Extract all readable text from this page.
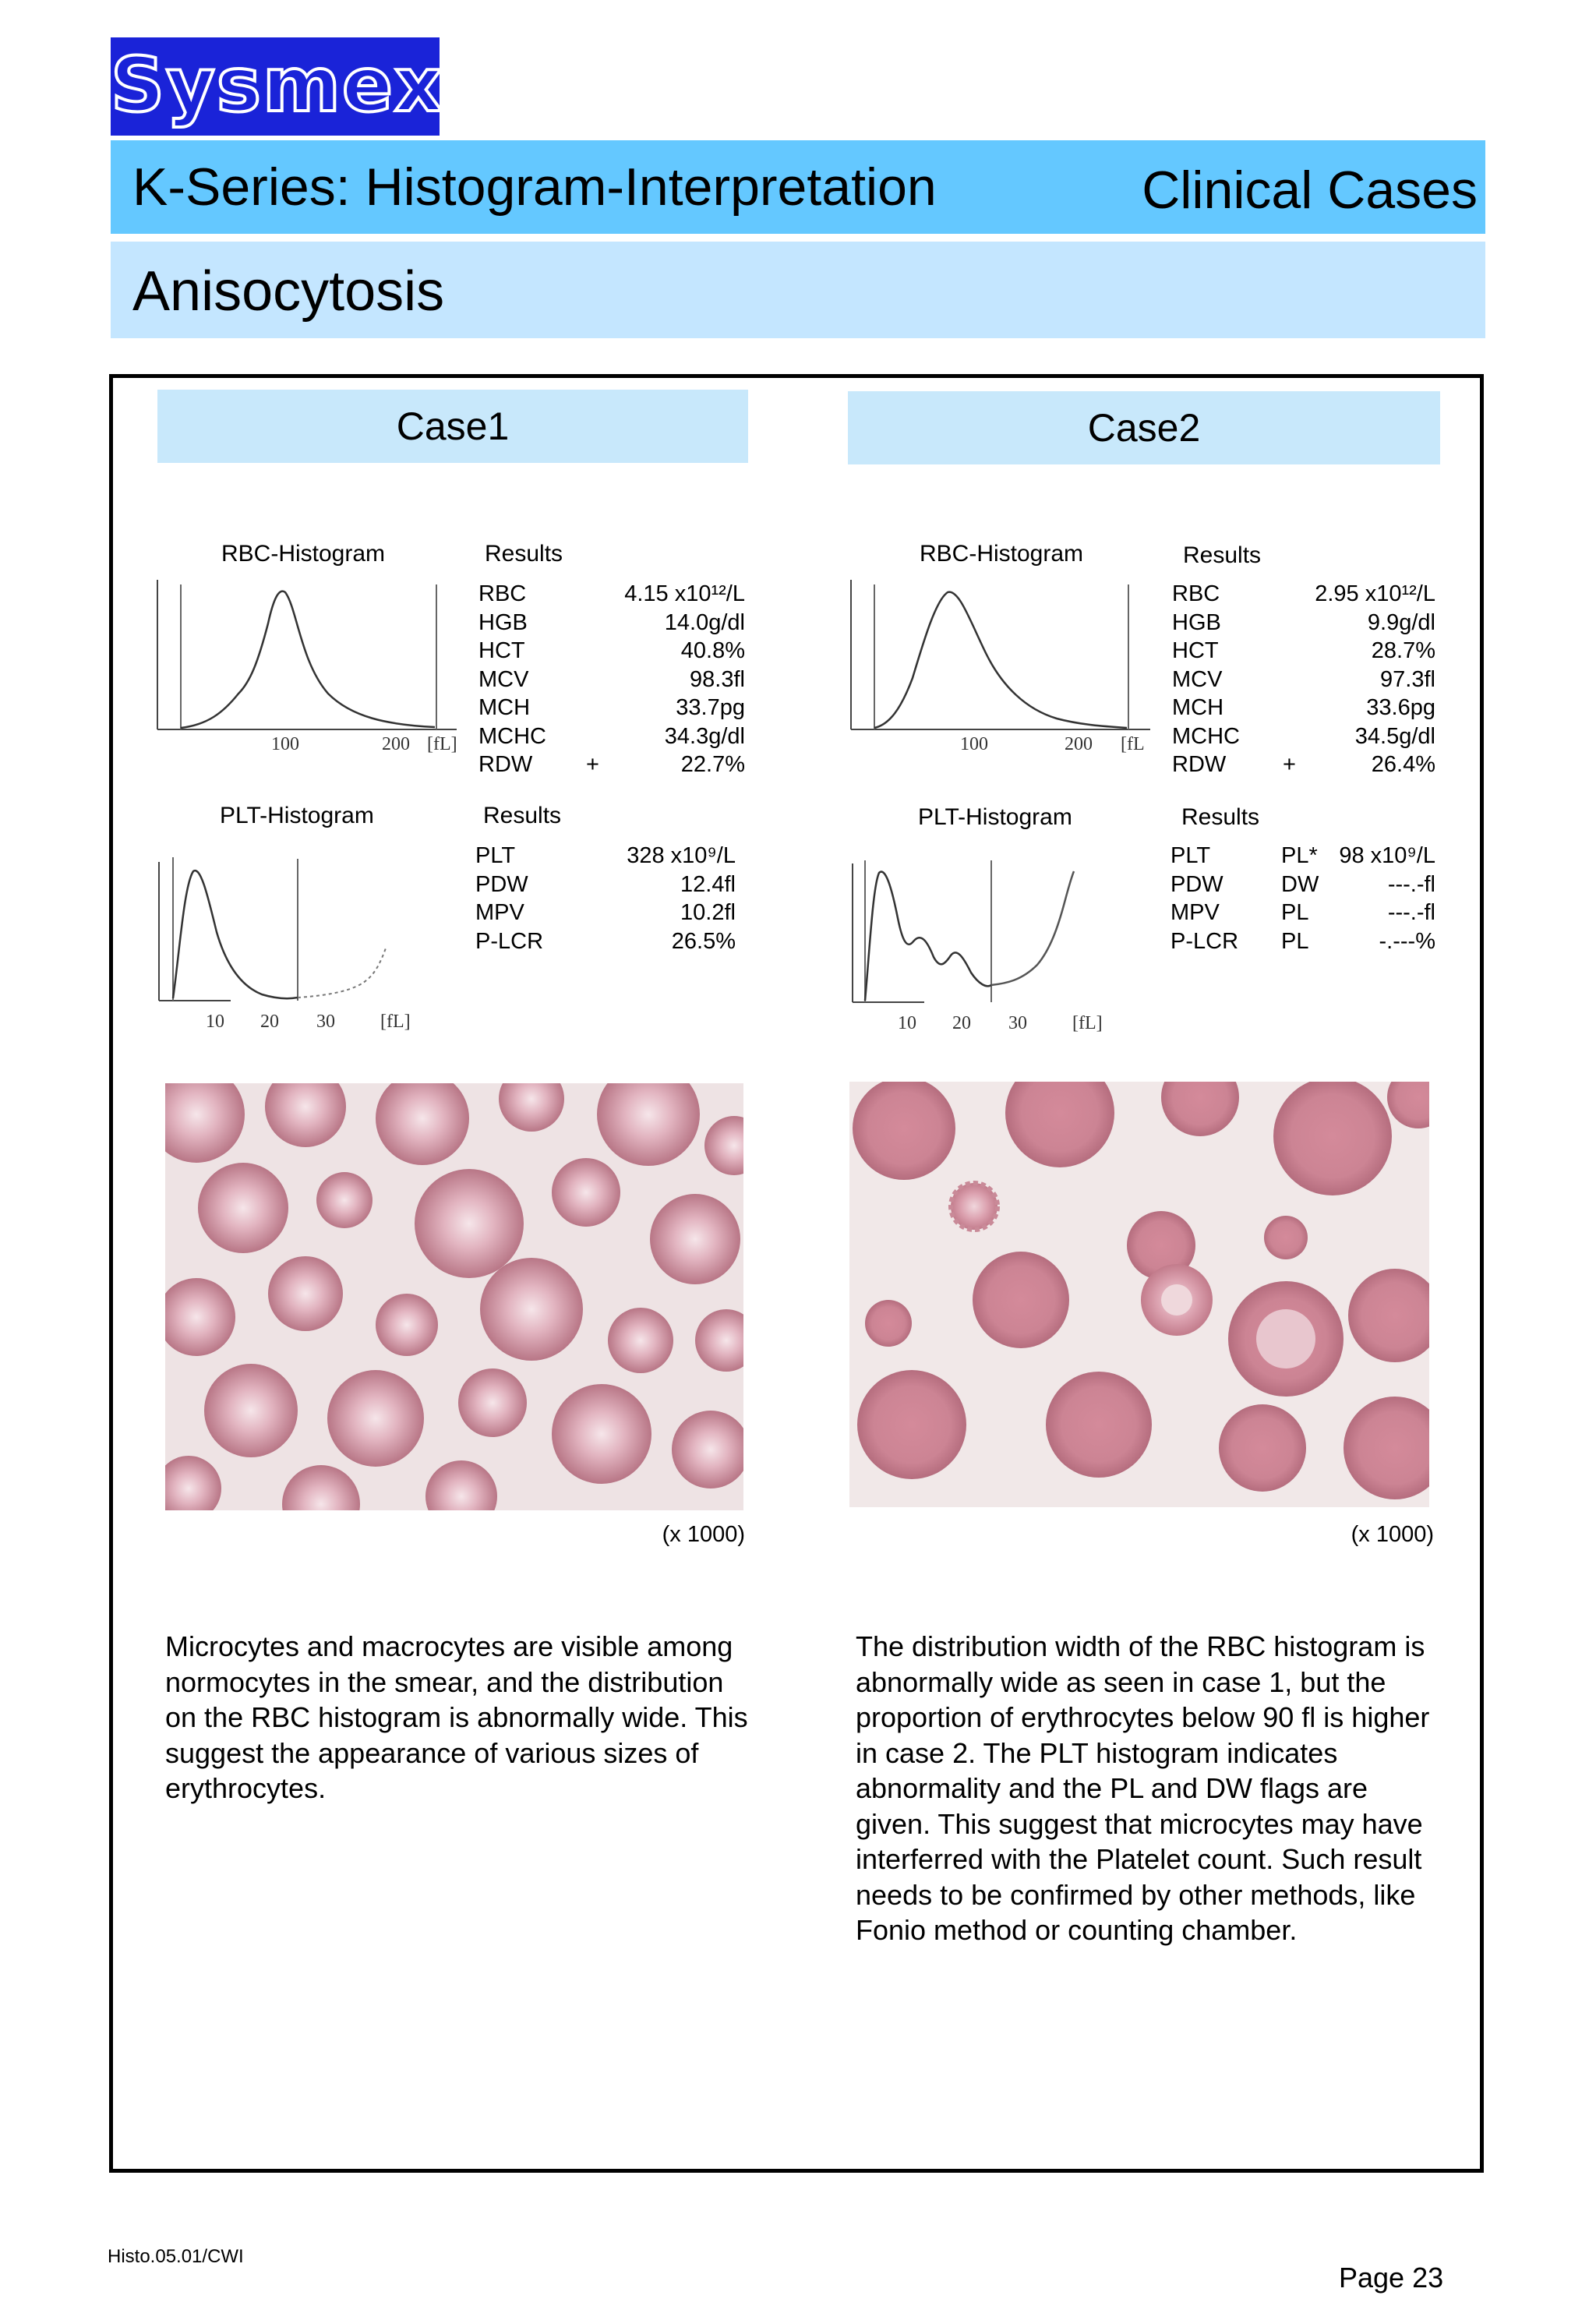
Sysmex
K-Series: Histogram-Interpretation	Clinical Cases
Anisocytosis
Case1
RBC-Histogram	Results
100	200 [fL]
RBC	4.15 x10¹²/L
HGB	14.0g/dl
HCT	40.8%
MCV	98.3fl
MCH	33.7pg
MCHC	34.3g/dl
RDW +	22.7%
PLT-Histogram	Results
10 20 30 [fL]
PLT	328 x10⁹/L
PDW	12.4fl
MPV	10.2fl
P-LCR	26.5%
(x 1000)
Microcytes and macrocytes are visible among normocytes in the smear, and the distribution on the RBC histogram is abnormally wide. This suggest the appearance of various sizes of erythrocytes.
Case2
RBC-Histogram	Results
100	200 [fL
RBC	2.95 x10¹²/L
HGB	9.9g/dl
HCT	28.7%
MCV	97.3fl
MCH	33.6pg
MCHC	34.5g/dl
RDW	+	26.4%
PLT-Histogram	Results
10 20 30 [fL]
PLT	PL* 98 x10⁹/L
PDW	DW	---.-fl
MPV	PL	---.-fl
P-LCR PL	-.---%
(x 1000)
The distribution width of the RBC histogram is abnormally wide as seen in case 1, but the proportion of erythrocytes below 90 fl is higher in case 2. The PLT histogram indicates abnormality and the PL and DW flags are given. This suggest that microcytes may have interferred with the Platelet count. Such result needs to be confirmed by other methods, like Fonio method or counting chamber.
Histo.05.01/CWI
Page 23
